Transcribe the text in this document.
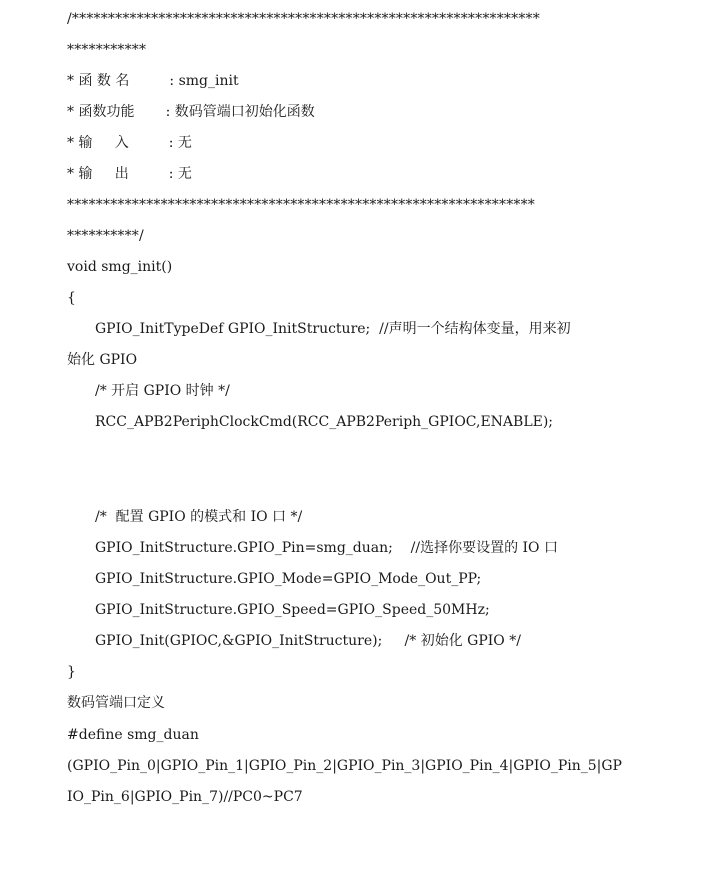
/*****************************************************************
***********
* 函 数 名         : smg_init
* 函数功能       : 数码管端口初始化函数
* 输     入         : 无
* 输     出         : 无
*****************************************************************
**********/
void smg_init()
{
GPIO_InitTypeDef GPIO_InitStructure;  //声明一个结构体变量，用来初
始化 GPIO
/* 开启 GPIO 时钟 */
RCC_APB2PeriphClockCmd(RCC_APB2Periph_GPIOC,ENABLE);
/*  配置 GPIO 的模式和 IO 口 */
GPIO_InitStructure.GPIO_Pin=smg_duan;    //选择你要设置的 IO 口
GPIO_InitStructure.GPIO_Mode=GPIO_Mode_Out_PP;
GPIO_InitStructure.GPIO_Speed=GPIO_Speed_50MHz;
GPIO_Init(GPIOC,&GPIO_InitStructure);     /* 初始化 GPIO */
}
数码管端口定义
#define smg_duan
(GPIO_Pin_0|GPIO_Pin_1|GPIO_Pin_2|GPIO_Pin_3|GPIO_Pin_4|GPIO_Pin_5|GP
IO_Pin_6|GPIO_Pin_7)//PC0~PC7
